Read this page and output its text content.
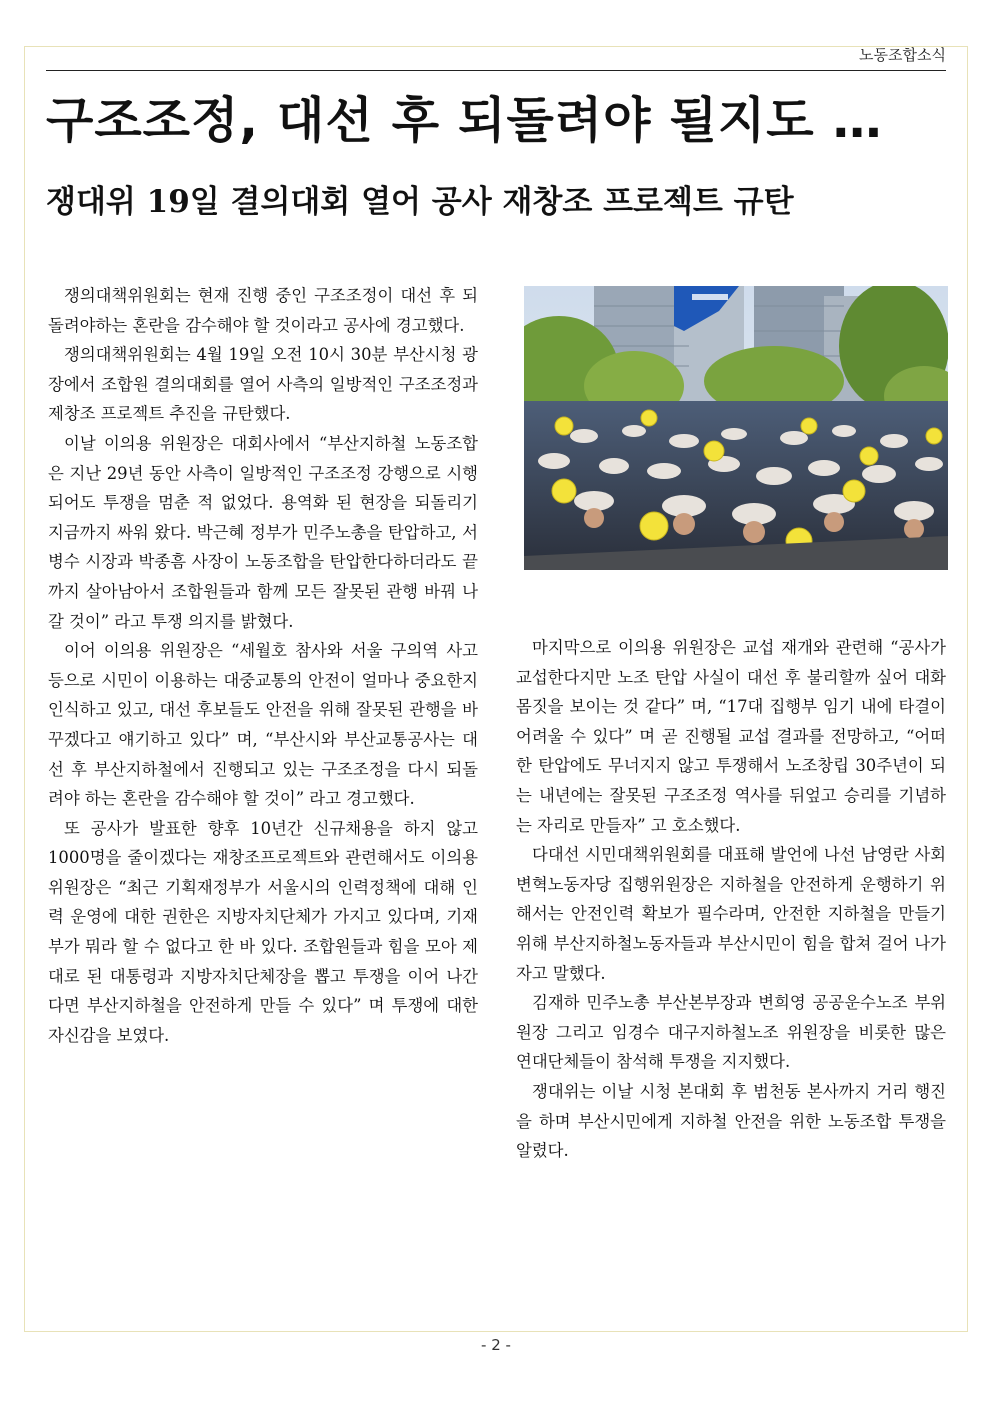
노동조합소식
구조조정, 대선 후 되돌려야 될지도 …
쟁대위 19일 결의대회 열어 공사 재창조 프로젝트 규탄

쟁의대책위원회는 현재 진행 중인 구조조정이 대선 후 되돌려야하는 혼란을 감수해야 할 것이라고 공사에 경고했다.

쟁의대책위원회는 4월 19일 오전 10시 30분 부산시청 광장에서 조합원 결의대회를 열어 사측의 일방적인 구조조정과 제창조 프로젝트 추진을 규탄했다.

이날 이의용 위원장은 대회사에서 “부산지하철 노동조합은 지난 29년 동안 사측이 일방적인 구조조정 강행으로 시행되어도 투쟁을 멈춘 적 없었다. 용역화 된 현장을 되돌리기 지금까지 싸워 왔다. 박근혜 정부가 민주노총을 탄압하고, 서병수 시장과 박종흠 사장이 노동조합을 탄압한다하더라도 끝까지 살아남아서 조합원들과 함께 모든 잘못된 관행 바꿔 나갈 것이” 라고 투쟁 의지를 밝혔다.

이어 이의용 위원장은 “세월호 참사와 서울 구의역 사고 등으로 시민이 이용하는 대중교통의 안전이 얼마나 중요한지 인식하고 있고, 대선 후보들도 안전을 위해 잘못된 관행을 바꾸겠다고 얘기하고 있다” 며, “부산시와 부산교통공사는 대선 후 부산지하철에서 진행되고 있는 구조조정을 다시 되돌려야 하는 혼란을 감수해야 할 것이” 라고 경고했다.

또 공사가 발표한 향후 10년간 신규채용을 하지 않고 1000명을 줄이겠다는 재창조프로젝트와 관련해서도 이의용 위원장은 “최근 기획재정부가 서울시의 인력정책에 대해 인력 운영에 대한 권한은 지방자치단체가 가지고 있다며, 기재부가 뭐라 할 수 없다고 한 바 있다. 조합원들과 힘을 모아 제대로 된 대통령과 지방자치단체장을 뽑고 투쟁을 이어 나간다면 부산지하철을 안전하게 만들 수 있다” 며 투쟁에 대한 자신감을 보였다.

마지막으로 이의용 위원장은 교섭 재개와 관련해 “공사가 교섭한다지만 노조 탄압 사실이 대선 후 불리할까 싶어 대화 몸짓을 보이는 것 같다” 며, “17대 집행부 임기 내에 타결이 어려울 수 있다” 며 곧 진행될 교섭 결과를 전망하고, “어떠한 탄압에도 무너지지 않고 투쟁해서 노조창립 30주년이 되는 내년에는 잘못된 구조조정 역사를 뒤엎고 승리를 기념하는 자리로 만들자” 고 호소했다.

다대선 시민대책위원회를 대표해 발언에 나선 남영란 사회변혁노동자당 집행위원장은 지하철을 안전하게 운행하기 위해서는 안전인력 확보가 필수라며, 안전한 지하철을 만들기 위해 부산지하철노동자들과 부산시민이 힘을 합쳐 걸어 나가자고 말했다.

김재하 민주노총 부산본부장과 변희영 공공운수노조 부위원장 그리고 임경수 대구지하철노조 위원장을 비롯한 많은 연대단체들이 참석해 투쟁을 지지했다.

쟁대위는 이날 시청 본대회 후 범천동 본사까지 거리 행진을 하며 부산시민에게 지하철 안전을 위한 노동조합 투쟁을 알렸다.

- 2 -
